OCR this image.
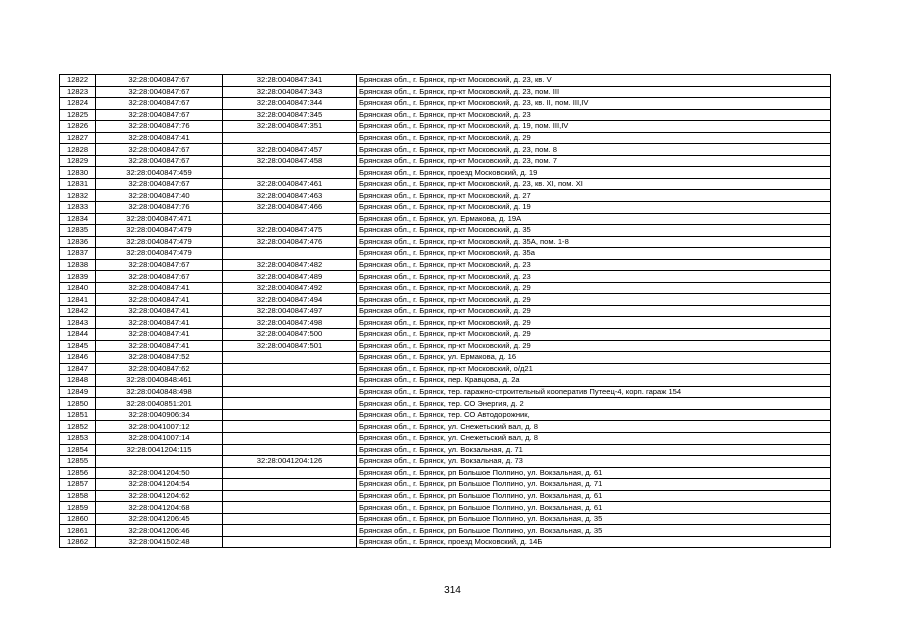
12822	32:28:0040847:67	32:28:0040847:341	Брянская обл., г. Брянск, пр-кт Московский, д. 23, кв. V
12823	32:28:0040847:67	32:28:0040847:343	Брянская обл., г. Брянск, пр-кт Московский, д. 23, пом. III
12824	32:28:0040847:67	32:28:0040847:344	Брянская обл., г. Брянск, пр-кт Московский, д. 23, кв. II, пом. III,IV
12825	32:28:0040847:67	32:28:0040847:345	Брянская обл., г. Брянск, пр-кт Московский, д. 23
12826	32:28:0040847:76	32:28:0040847:351	Брянская обл., г. Брянск, пр-кт Московский, д. 19, пом. III,IV
12827	32:28:0040847:41		Брянская обл., г. Брянск, пр-кт Московский, д. 29
12828	32:28:0040847:67	32:28:0040847:457	Брянская обл., г. Брянск, пр-кт Московский, д. 23, пом. 8
12829	32:28:0040847:67	32:28:0040847:458	Брянская обл., г. Брянск, пр-кт Московский, д. 23, пом. 7
12830	32:28:0040847:459		Брянская обл., г. Брянск, проезд Московский, д. 19
12831	32:28:0040847:67	32:28:0040847:461	Брянская обл., г. Брянск, пр-кт Московский, д. 23, кв. XI, пом. XI
12832	32:28:0040847:40	32:28:0040847:463	Брянская обл., г. Брянск, пр-кт Московский, д. 27
12833	32:28:0040847:76	32:28:0040847:466	Брянская обл., г. Брянск, пр-кт Московский, д. 19
12834	32:28:0040847:471		Брянская обл., г. Брянск, ул. Ермакова, д. 19А
12835	32:28:0040847:479	32:28:0040847:475	Брянская обл., г. Брянск, пр-кт Московский, д. 35
12836	32:28:0040847:479	32:28:0040847:476	Брянская обл., г. Брянск, пр-кт Московский, д. 35А, пом. 1-8
12837	32:28:0040847:479		Брянская обл., г. Брянск, пр-кт Московский, д. 35а
12838	32:28:0040847:67	32:28:0040847:482	Брянская обл., г. Брянск, пр-кт Московский, д. 23
12839	32:28:0040847:67	32:28:0040847:489	Брянская обл., г. Брянск, пр-кт Московский, д. 23
12840	32:28:0040847:41	32:28:0040847:492	Брянская обл., г. Брянск, пр-кт Московский, д. 29
12841	32:28:0040847:41	32:28:0040847:494	Брянская обл., г. Брянск, пр-кт Московский, д. 29
12842	32:28:0040847:41	32:28:0040847:497	Брянская обл., г. Брянск, пр-кт Московский, д. 29
12843	32:28:0040847:41	32:28:0040847:498	Брянская обл., г. Брянск, пр-кт Московский, д. 29
12844	32:28:0040847:41	32:28:0040847:500	Брянская обл., г. Брянск, пр-кт Московский, д. 29
12845	32:28:0040847:41	32:28:0040847:501	Брянская обл., г. Брянск, пр-кт Московский, д. 29
12846	32:28:0040847:52		Брянская обл., г. Брянск, ул. Ермакова, д. 16
12847	32:28:0040847:62		Брянская обл., г. Брянск, пр-кт Московский, о/д21
12848	32:28:0040848:461		Брянская обл., г. Брянск, пер. Кравцова, д. 2а
12849	32:28:0040848:498		Брянская обл., г. Брянск, тер. гаражно-строительный кооператив Путеец-4, корп. гараж 154
12850	32:28:0040851:201		Брянская обл., г. Брянск, тер. СО Энергия, д. 2
12851	32:28:0040906:34		Брянская обл., г. Брянск, тер. СО Автодорожник,
12852	32:28:0041007:12		Брянская обл., г. Брянск, ул. Снежетьский вал, д. 8
12853	32:28:0041007:14		Брянская обл., г. Брянск, ул. Снежетьский вал, д. 8
12854	32:28:0041204:115		Брянская обл., г. Брянск, ул. Вокзальная, д. 71
12855		32:28:0041204:126	Брянская обл., г. Брянск, ул. Вокзальная, д. 73
12856	32:28:0041204:50		Брянская обл., г. Брянск, рп Большое Полпино, ул. Вокзальная, д. 61
12857	32:28:0041204:54		Брянская обл., г. Брянск, рп Большое Полпино, ул. Вокзальная, д. 71
12858	32:28:0041204:62		Брянская обл., г. Брянск, рп Большое Полпино, ул. Вокзальная, д. 61
12859	32:28:0041204:68		Брянская обл., г. Брянск, рп Большое Полпино, ул. Вокзальная, д. 61
12860	32:28:0041206:45		Брянская обл., г. Брянск, рп Большое Полпино, ул. Вокзальная, д. 35
12861	32:28:0041206:46		Брянская обл., г. Брянск, рп Большое Полпино, ул. Вокзальная, д. 35
12862	32:28:0041502:48		Брянская обл., г. Брянск, проезд Московский, д. 14Б
314
